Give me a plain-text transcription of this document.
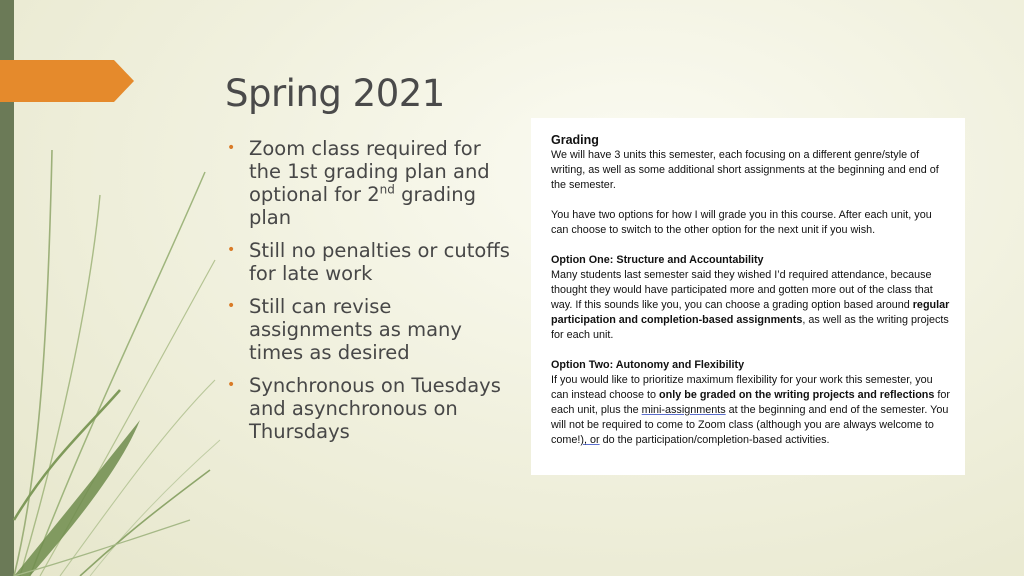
Spring 2021
• Zoom class required for the 1st grading plan and optional for 2nd grading plan
• Still no penalties or cutoffs for late work
• Still can revise assignments as many times as desired
• Synchronous on Tuesdays and asynchronous on Thursdays
Grading

We will have 3 units this semester, each focusing on a different genre/style of writing, as well as some additional short assignments at the beginning and end of the semester.

You have two options for how I will grade you in this course. After each unit, you can choose to switch to the other option for the next unit if you wish.

Option One: Structure and Accountability

Many students last semester said they wished I’d required attendance, because thought they would have participated more and gotten more out of the class that way. If this sounds like you, you can choose a grading option based around regular participation and completion-based assignments, as well as the writing projects for each unit.

Option Two: Autonomy and Flexibility

If you would like to prioritize maximum flexibility for your work this semester, you can instead choose to only be graded on the writing projects and reflections for each unit, plus the mini-assignments at the beginning and end of the semester. You will not be required to come to Zoom class (although you are always welcome to come!), or do the participation/completion-based activities.
